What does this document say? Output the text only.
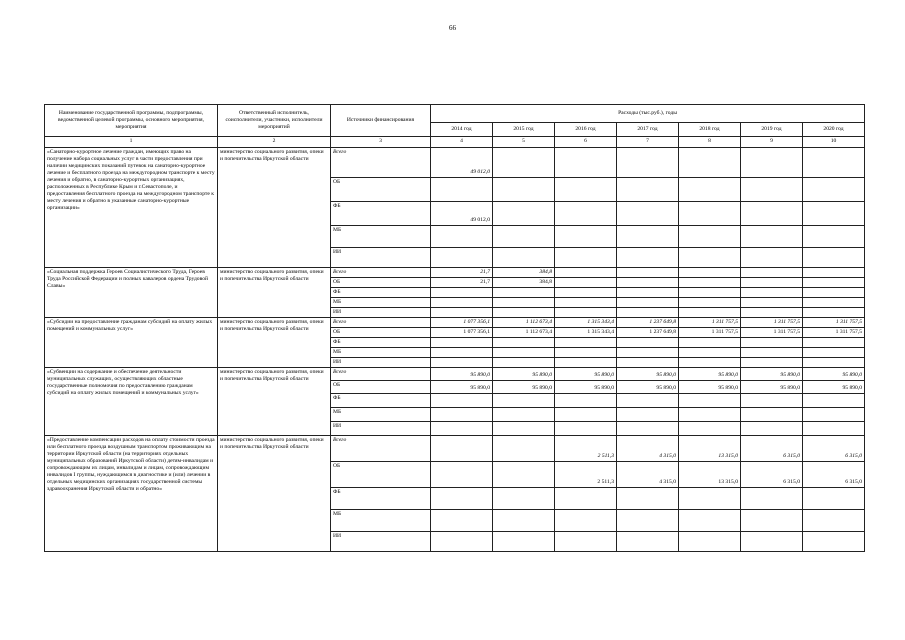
66
Наименование государственной программы, подпрограммы, ведомственной целевой программы, основного мероприятия, мероприятия	Ответственный исполнитель, соисполнители, участники, исполнители мероприятий	Источники финансирования	Расходы (тыс.руб.), годы						
			2014 год	2015 год	2016 год	2017 год	2018 год	2019 год	2020 год
1	2	3	4	5	6	7	8	9	10
«Санаторно-курортное лечение граждан, имеющих право на получение набора социальных услуг в части предоставления при наличии медицинских показаний путевок на санаторно-курортное лечение и бесплатного проезда на междугородном транспорте к месту лечения и обратно, в санаторно-курортных организациях, расположенных в Республике Крым и г.Севастополе, и предоставления бесплатного проезда на междугородном транспорте к месту лечения и обратно в указанные санаторно-курортные организации»	министерство социального развития, опеки и попечительства Иркутской области	Всего	49 012,0						
		ОБ							
		ФБ	49 012,0						
		МБ							
		ИИ							
«Социальная поддержка Героев Социалистического Труда, Героев Труда Российской Федерации и полных кавалеров ордена Трудовой Славы»	министерство социального развития, опеки и попечительства Иркутской области	Всего	21,7	384,8					
		ОБ	21,7	384,8					
		ФБ							
		МБ							
		ИИ							
«Субсидии на предоставление гражданам субсидий на оплату жилых помещений и коммунальных услуг»	министерство социального развития, опеки и попечительства Иркутской области	Всего	1 077 356,1	1 112 673,4	1 315 343,4	1 237 649,8	1 311 757,5	1 311 757,5	1 311 757,5
		ОБ	1 077 356,1	1 112 673,4	1 315 343,4	1 237 649,8	1 311 757,5	1 311 757,5	1 311 757,5
		ФБ							
		МБ							
		ИИ							
«Субвенции на содержание и обеспечение деятельности муниципальных служащих, осуществляющих областные государственные полномочия по предоставлению гражданам субсидий на оплату жилых помещений и коммунальных услуг»	министерство социального развития, опеки и попечительства Иркутской области	Всего	95 890,0	95 890,0	95 890,0	95 890,0	95 890,0	95 890,0	95 890,0
		ОБ	95 890,0	95 890,0	95 890,0	95 890,0	95 890,0	95 890,0	95 890,0
		ФБ							
		МБ							
		ИИ							
«Предоставление компенсации расходов на оплату стоимости проезда или бесплатного проезда воздушным транспортом проживающим на территории Иркутской области (на территориях отдельных муниципальных образований Иркутской области) детям-инвалидам и сопровождающим их лицам, инвалидам и лицам, сопровождающим инвалидов I группы, нуждающимся в диагностике и (или) лечении в отдельных медицинских организациях государственной системы здравоохранения Иркутской области и обратно»	министерство социального развития, опеки и попечительства Иркутской области	Всего			2 511,3	4 315,0	13 315,0	6 315,0	6 315,0
		ОБ			2 511,3	4 315,0	13 315,0	6 315,0	6 315,0
		ФБ							
		МБ							
		ИИ							
